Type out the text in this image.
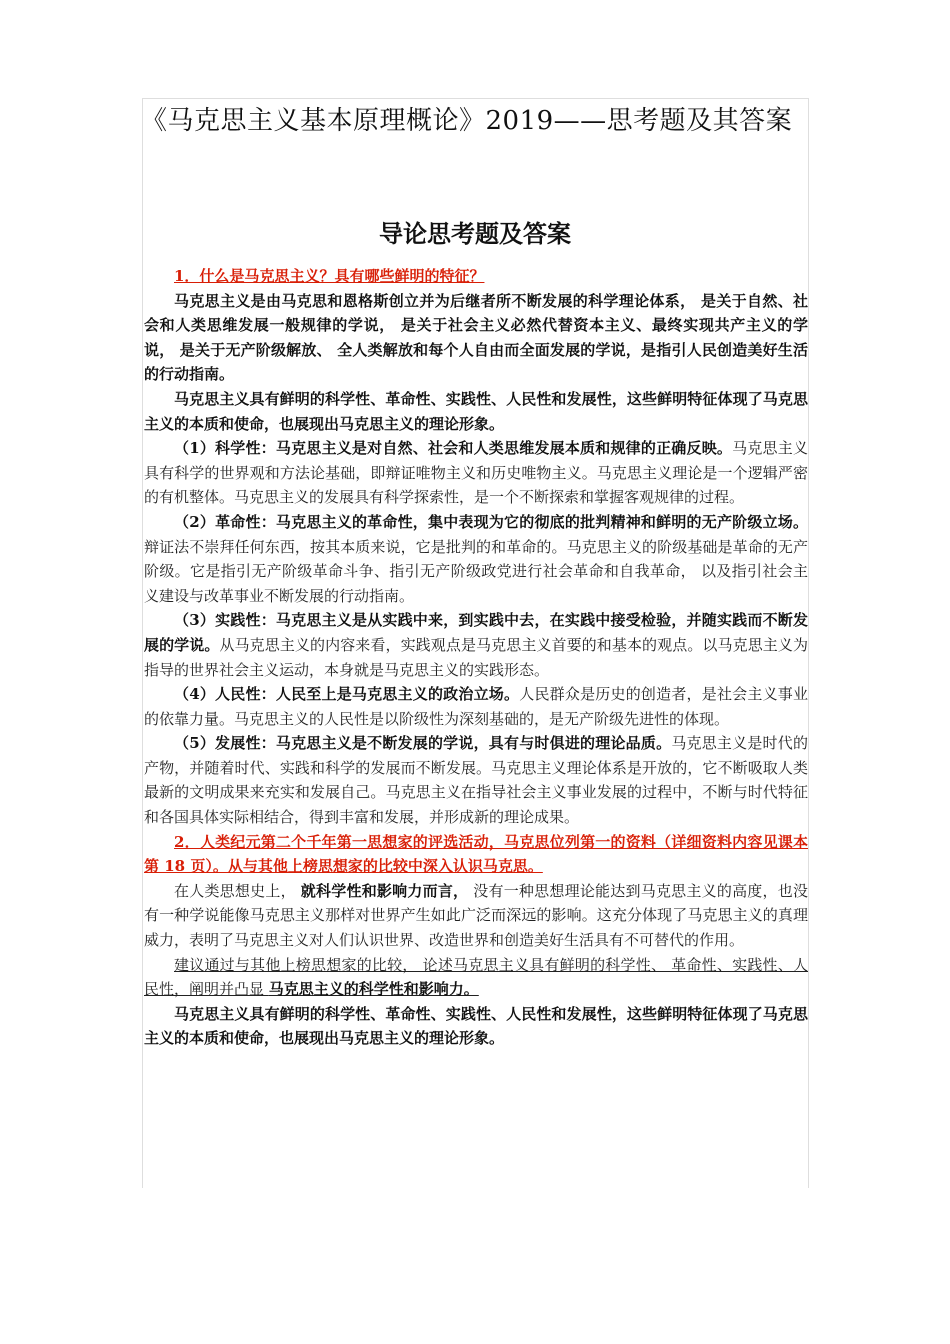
《马克思主义基本原理概论》2019——思考题及其答案
导论思考题及答案

1．什么是马克思主义？具有哪些鲜明的特征？

马克思主义是由马克思和恩格斯创立并为后继者所不断发展的科学理论体系， 是关于自然、社会和人类思维发展一般规律的学说， 是关于社会主义必然代替资本主义、最终实现共产主义的学说， 是关于无产阶级解放、 全人类解放和每个人自由而全面发展的学说，是指引人民创造美好生活的行动指南。

马克思主义具有鲜明的科学性、革命性、实践性、人民性和发展性，这些鲜明特征体现了马克思主义的本质和使命，也展现出马克思主义的理论形象。

（1）科学性：马克思主义是对自然、社会和人类思维发展本质和规律的正确反映。马克思主义具有科学的世界观和方法论基础，即辩证唯物主义和历史唯物主义。马克思主义理论是一个逻辑严密的有机整体。马克思主义的发展具有科学探索性，是一个不断探索和掌握客观规律的过程。

（2）革命性：马克思主义的革命性，集中表现为它的彻底的批判精神和鲜明的无产阶级立场。辩证法不崇拜任何东西，按其本质来说，它是批判的和革命的。马克思主义的阶级基础是革命的无产阶级。它是指引无产阶级革命斗争、指引无产阶级政党进行社会革命和自我革命， 以及指引社会主义建设与改革事业不断发展的行动指南。

（3）实践性：马克思主义是从实践中来，到实践中去，在实践中接受检验，并随实践而不断发展的学说。从马克思主义的内容来看，实践观点是马克思主义首要的和基本的观点。以马克思主义为指导的世界社会主义运动，本身就是马克思主义的实践形态。

（4）人民性：人民至上是马克思主义的政治立场。人民群众是历史的创造者，是社会主义事业的依靠力量。马克思主义的人民性是以阶级性为深刻基础的，是无产阶级先进性的体现。

（5）发展性：马克思主义是不断发展的学说，具有与时俱进的理论品质。马克思主义是时代的产物，并随着时代、实践和科学的发展而不断发展。马克思主义理论体系是开放的，它不断吸取人类最新的文明成果来充实和发展自己。马克思主义在指导社会主义事业发展的过程中，不断与时代特征和各国具体实际相结合，得到丰富和发展，并形成新的理论成果。

2．人类纪元第二个千年第一思想家的评选活动，马克思位列第一的资料（详细资料内容见课本第 18 页）。从与其他上榜思想家的比较中深入认识马克思。

在人类思想史上， 就科学性和影响力而言， 没有一种思想理论能达到马克思主义的高度，也没有一种学说能像马克思主义那样对世界产生如此广泛而深远的影响。这充分体现了马克思主义的真理威力，表明了马克思主义对人们认识世界、改造世界和创造美好生活具有不可替代的作用。

建议通过与其他上榜思想家的比较， 论述马克思主义具有鲜明的科学性、 革命性、实践性、人民性，阐明并凸显 马克思主义的科学性和影响力。

马克思主义具有鲜明的科学性、革命性、实践性、人民性和发展性，这些鲜明特征体现了马克思主义的本质和使命，也展现出马克思主义的理论形象。
